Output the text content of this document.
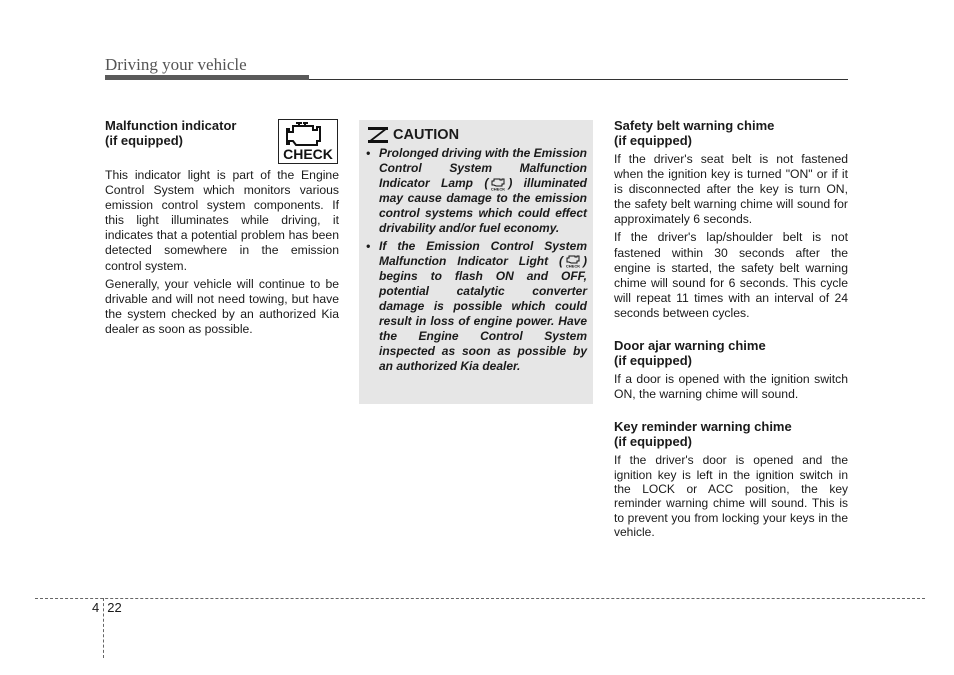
Driving your vehicle
Malfunction indicator
(if equipped)
CHECK

This indicator light is part of the Engine Control System which monitors various emission control system components. If this light illuminates while driving, it indicates that a potential problem has been detected somewhere in the emission control system.

Generally, your vehicle will continue to be drivable and will not need towing, but have the system checked by an authorized Kia dealer as soon as possible.

CAUTION
• Prolonged driving with the Emission Control System Malfunction Indicator Lamp ( CHECK ) illuminated may cause damage to the emission control systems which could effect drivability and/or fuel economy.
• If the Emission Control System Malfunction Indicator Light ( CHECK ) begins to flash ON and OFF, potential catalytic converter damage is possible which could result in loss of engine power. Have the Engine Control System inspected as soon as possible by an authorized Kia dealer.
Safety belt warning chime
(if equipped)

If the driver's seat belt is not fastened when the ignition key is turned "ON" or if it is disconnected after the key is turn ON, the safety belt warning chime will sound for approximately 6 seconds.

If the driver's lap/shoulder belt is not fastened within 30 seconds after the engine is started, the safety belt warning chime will sound for 6 seconds. This cycle will repeat 11 times with an interval of 24 seconds between cycles.

Door ajar warning chime
(if equipped)

If a door is opened with the ignition switch ON, the warning chime will sound.

Key reminder warning chime
(if equipped)

If the driver's door is opened and the ignition key is left in the ignition switch in the LOCK or ACC position, the key reminder warning chime will sound. This is to prevent you from locking your keys in the vehicle.

4 22
